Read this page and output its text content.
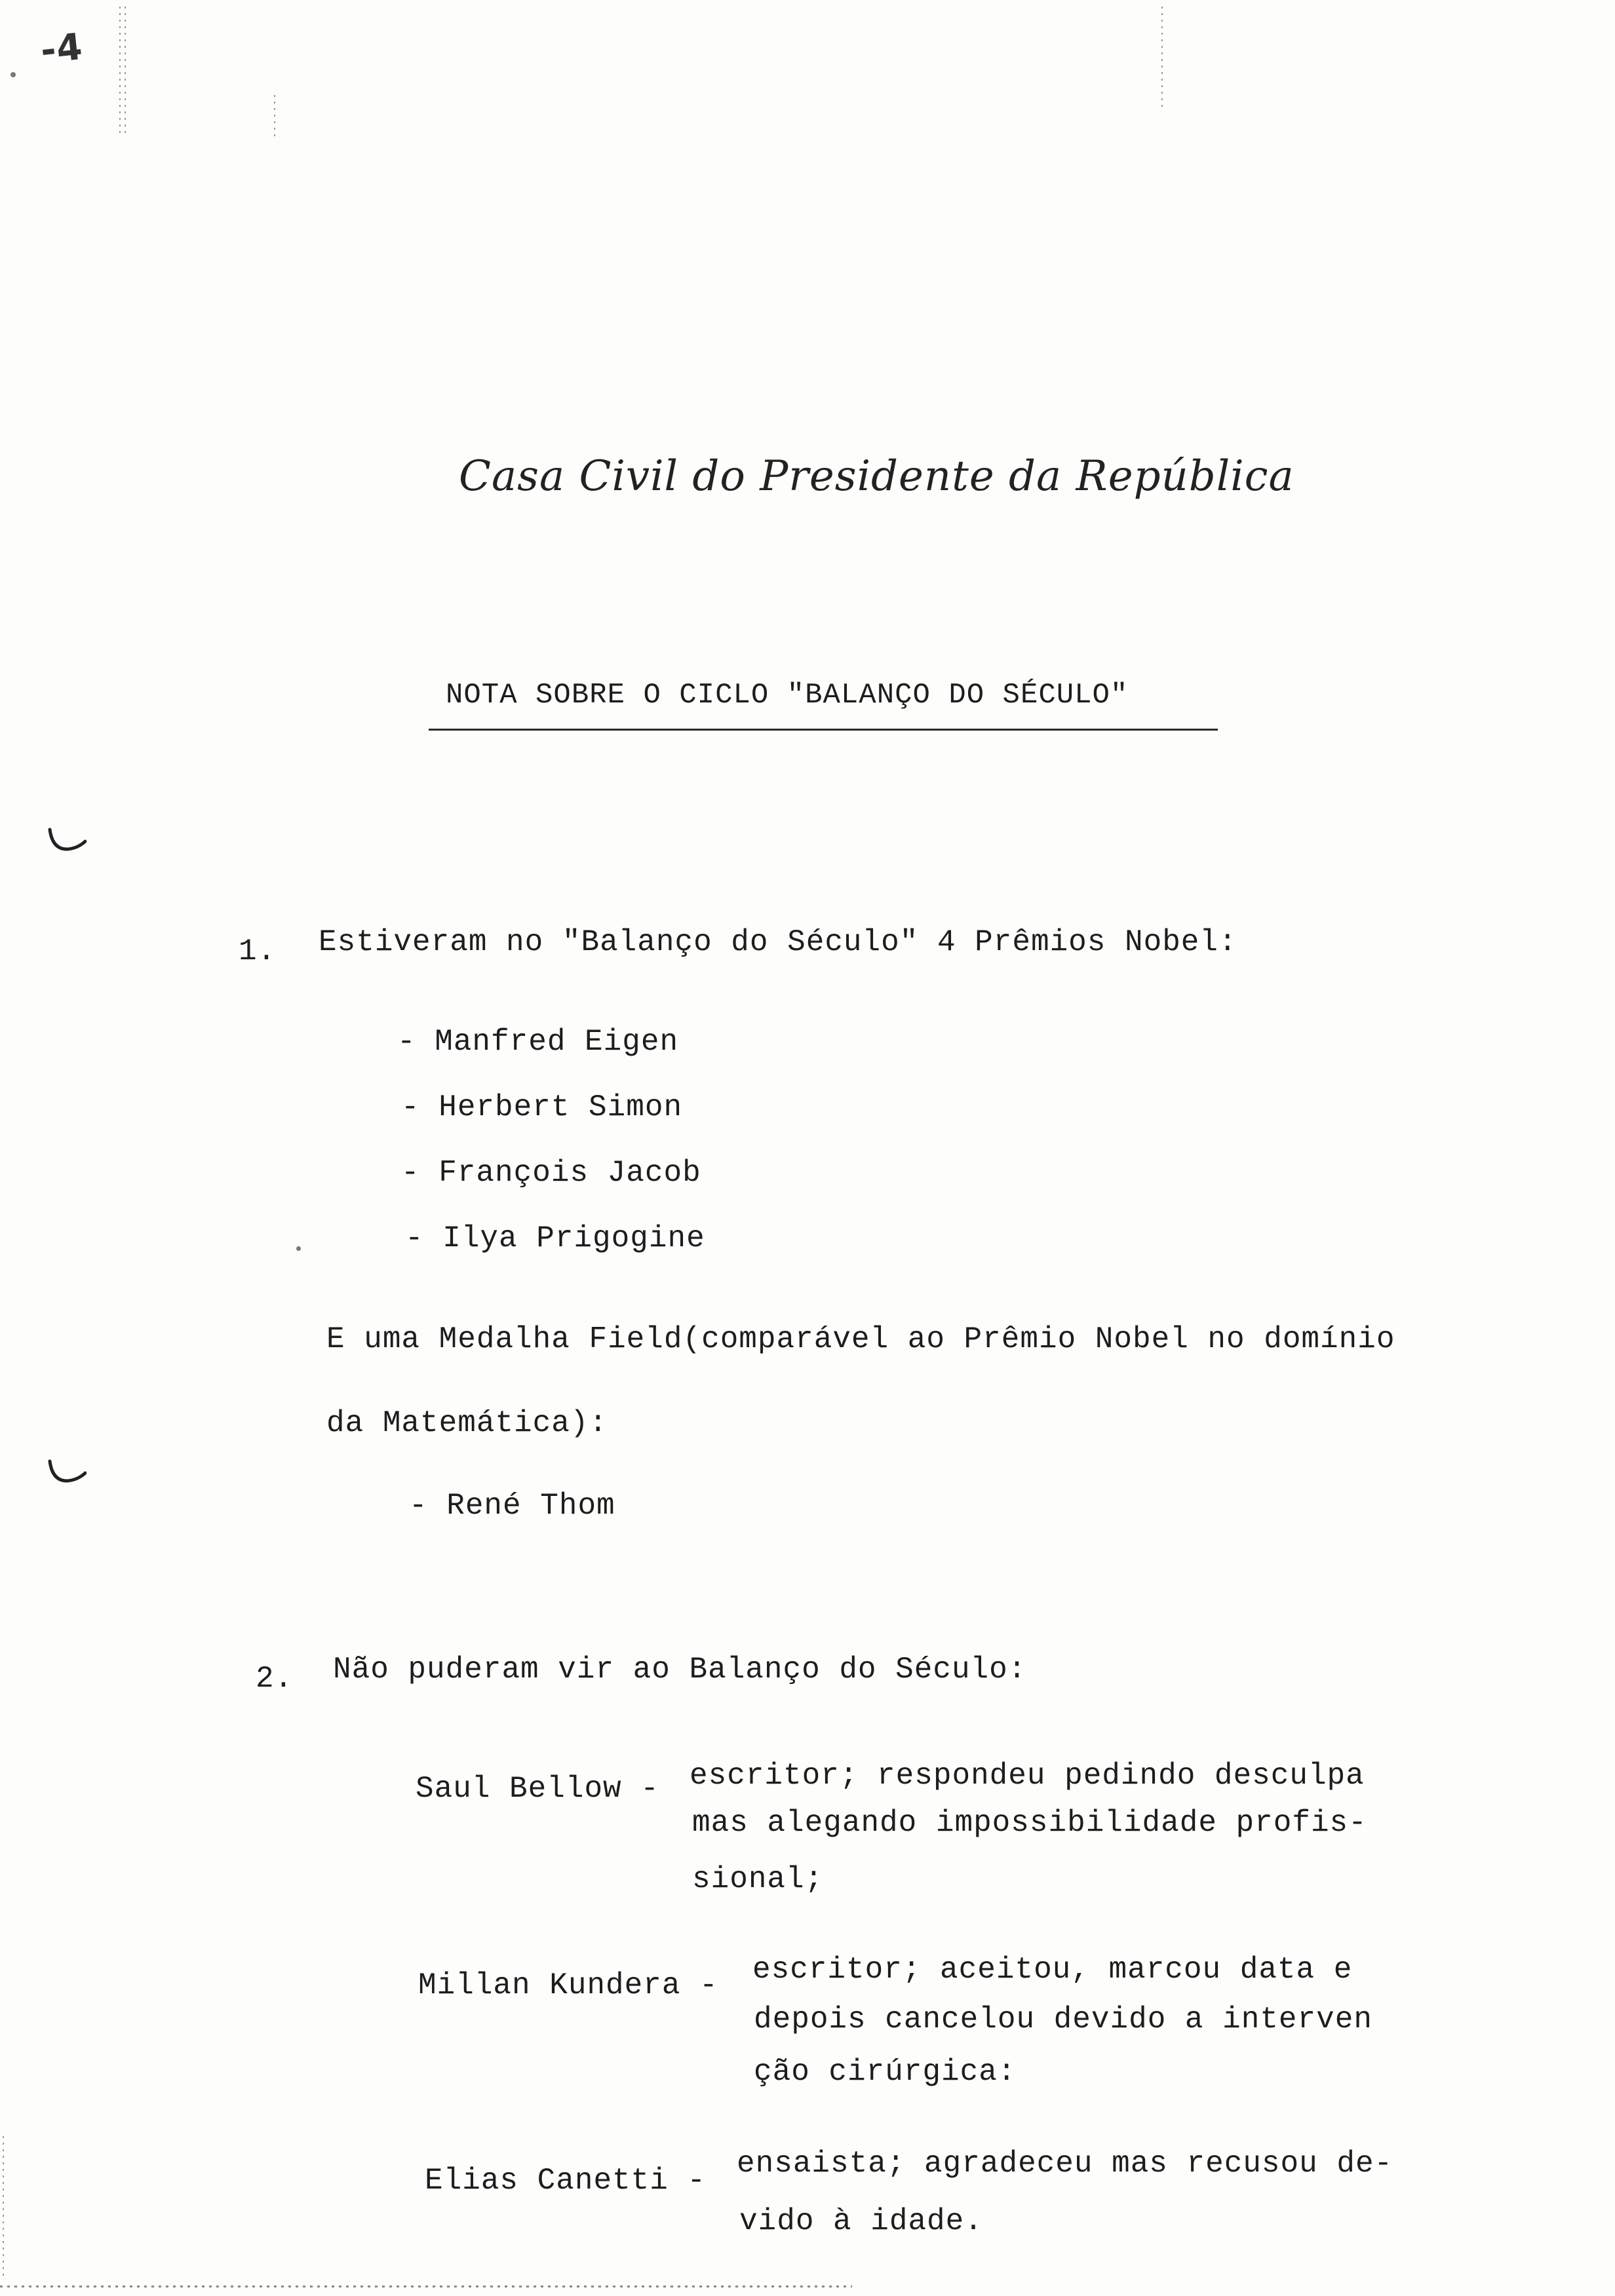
-4
Casa Civil do Presidente da República
NOTA SOBRE O CICLO "BALANÇO DO SÉCULO"
1. Estiveram no "Balanço do Século" 4 Prêmios Nobel:
- Manfred Eigen
- Herbert Simon
- François Jacob
- Ilya Prigogine
E uma Medalha Field(comparável ao Prêmio Nobel no domínio
da Matemática):
- René Thom
2. Não puderam vir ao Balanço do Século:
Saul Bellow - escritor; respondeu pedindo desculpa
mas alegando impossibilidade profis-
sional;
Millan Kundera - escritor; aceitou, marcou data e
depois cancelou devido a interven
ção cirúrgica:
Elias Canetti - ensaista; agradeceu mas recusou de-
vido à idade.
